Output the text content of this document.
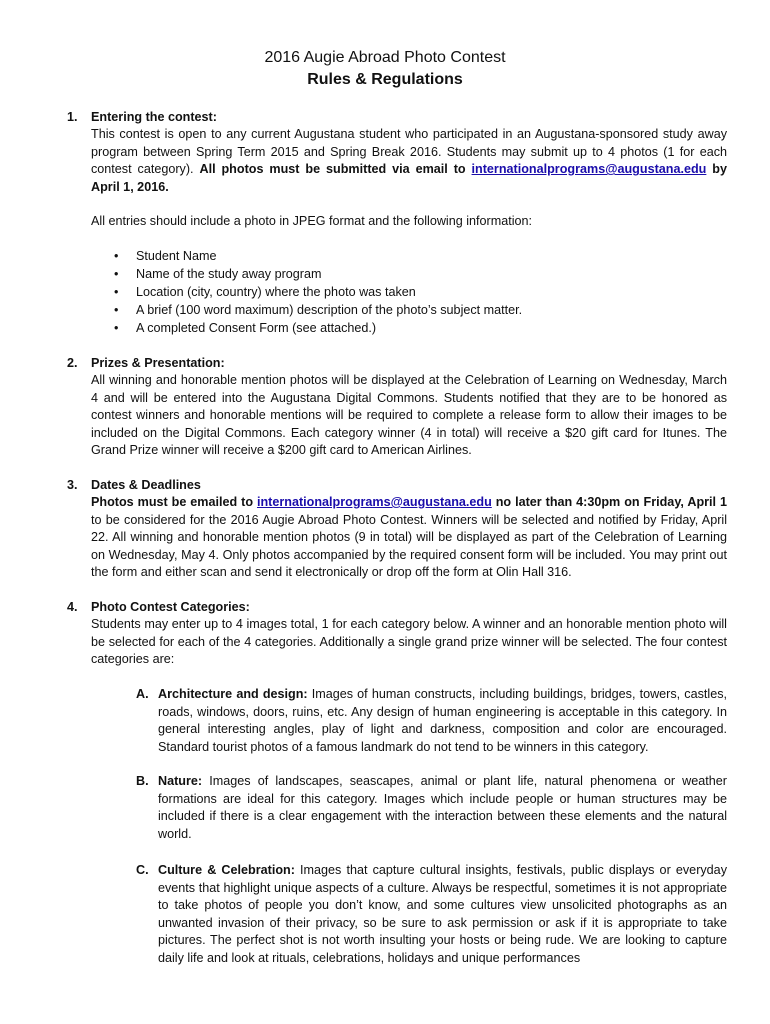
2016 Augie Abroad Photo Contest
Rules & Regulations
1. Entering the contest:
This contest is open to any current Augustana student who participated in an Augustana-sponsored study away program between Spring Term 2015 and Spring Break 2016. Students may submit up to 4 photos (1 for each contest category). All photos must be submitted via email to internationalprograms@augustana.edu by April 1, 2016.
All entries should include a photo in JPEG format and the following information:
• Student Name
• Name of the study away program
• Location (city, country) where the photo was taken
• A brief (100 word maximum) description of the photo’s subject matter.
• A completed Consent Form (see attached.)
2. Prizes & Presentation:
All winning and honorable mention photos will be displayed at the Celebration of Learning on Wednesday, March 4 and will be entered into the Augustana Digital Commons. Students notified that they are to be honored as contest winners and honorable mentions will be required to complete a release form to allow their images to be included on the Digital Commons. Each category winner (4 in total) will receive a $20 gift card for Itunes. The Grand Prize winner will receive a $200 gift card to American Airlines.
3. Dates & Deadlines
Photos must be emailed to internationalprograms@augustana.edu no later than 4:30pm on Friday, April 1 to be considered for the 2016 Augie Abroad Photo Contest. Winners will be selected and notified by Friday, April 22. All winning and honorable mention photos (9 in total) will be displayed as part of the Celebration of Learning on Wednesday, May 4. Only photos accompanied by the required consent form will be included. You may print out the form and either scan and send it electronically or drop off the form at Olin Hall 316.
4. Photo Contest Categories:
Students may enter up to 4 images total, 1 for each category below. A winner and an honorable mention photo will be selected for each of the 4 categories. Additionally a single grand prize winner will be selected. The four contest categories are:
A. Architecture and design: Images of human constructs, including buildings, bridges, towers, castles, roads, windows, doors, ruins, etc. Any design of human engineering is acceptable in this category. In general interesting angles, play of light and darkness, composition and color are encouraged. Standard tourist photos of a famous landmark do not tend to be winners in this category.
B. Nature: Images of landscapes, seascapes, animal or plant life, natural phenomena or weather formations are ideal for this category. Images which include people or human structures may be included if there is a clear engagement with the interaction between these elements and the natural world.
C. Culture & Celebration: Images that capture cultural insights, festivals, public displays or everyday events that highlight unique aspects of a culture. Always be respectful, sometimes it is not appropriate to take photos of people you don’t know, and some cultures view unsolicited photographs as an unwanted invasion of their privacy, so be sure to ask permission or ask if it is appropriate to take pictures. The perfect shot is not worth insulting your hosts or being rude. We are looking to capture daily life and look at rituals, celebrations, holidays and unique performances
